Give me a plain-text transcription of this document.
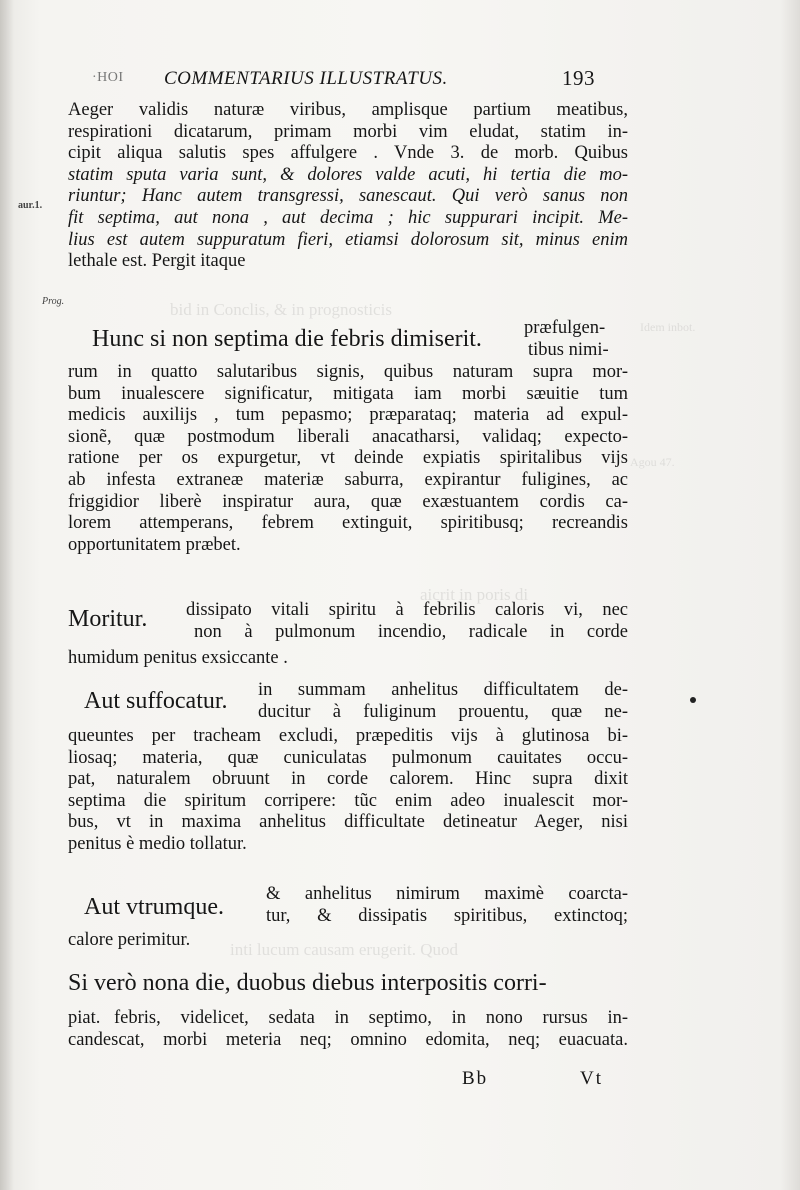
bid in Conclis, & in prognosticis
Idem inbot.
Agou 47.
aicrit in poris di
inti lucum causam erugerit. Quod
·HOI COMMENTARIUS ILLUSTRATUS.	193
aur.1.
Prog.
Aeger validis naturæ viribus, amplisque partium meatibus,
respirationi dicatarum, primam morbi vim eludat, statim in-
cipit aliqua salutis spes affulgere . Vnde 3. de morb. Quibus
statim sputa varia sunt, & dolores valde acuti, hi tertia die mo-
riuntur; Hanc autem transgressi, sanescaut. Qui verò sanus non
fit septima, aut nona , aut decima ; hic suppurari incipit. Me-
lius est autem suppuratum fieri, etiamsi dolorosum sit, minus enim
lethale est. Pergit itaque
Hunc si non septima die febris dimiserit. præfulgen-
tibus nimi-
rum in quatto salutaribus signis, quibus naturam supra mor-
bum inualescere significatur, mitigata iam morbi sæuitie tum
medicis auxilijs , tum pepasmo; præparataq; materia ad expul-
sionẽ, quæ postmodum liberali anacatharsi, validaq; expecto-
ratione per os expurgetur, vt deinde expiatis spiritalibus vijs
ab infesta extraneæ materiæ saburra, expirantur fuligines, ac
friggidior liberè inspiratur aura, quæ exæstuantem cordis ca-
lorem attemperans, febrem extinguit, spiritibusq; recreandis
opportunitatem præbet.
Moritur. dissipato vitali spiritu à febrilis caloris vi, nec
non à pulmonum incendio, radicale in corde
humidum penitus exsiccante .
Aut suffocatur. in summam anhelitus difficultatem de-
ducitur à fuliginum prouentu, quæ ne-
queuntes per tracheam excludi, præpeditis vijs à glutinosa bi-
liosaq; materia, quæ cuniculatas pulmonum cauitates occu-
pat, naturalem obruunt in corde calorem. Hinc supra dixit
septima die spiritum corripere: tũc enim adeo inualescit mor-
bus, vt in maxima anhelitus difficultate detineatur Aeger, nisi
penitus è medio tollatur.
Aut vtrumque. & anhelitus nimirum maximè coarcta-
tur, & dissipatis spiritibus, extinctoq;
calore perimitur.
Si verò nona die, duobus diebus interpositis corri-
piat. febris, videlicet, sedata in septimo, in nono rursus in-
candescat, morbi meteria neq; omnino edomita, neq; euacuata.
Bb	Vt
